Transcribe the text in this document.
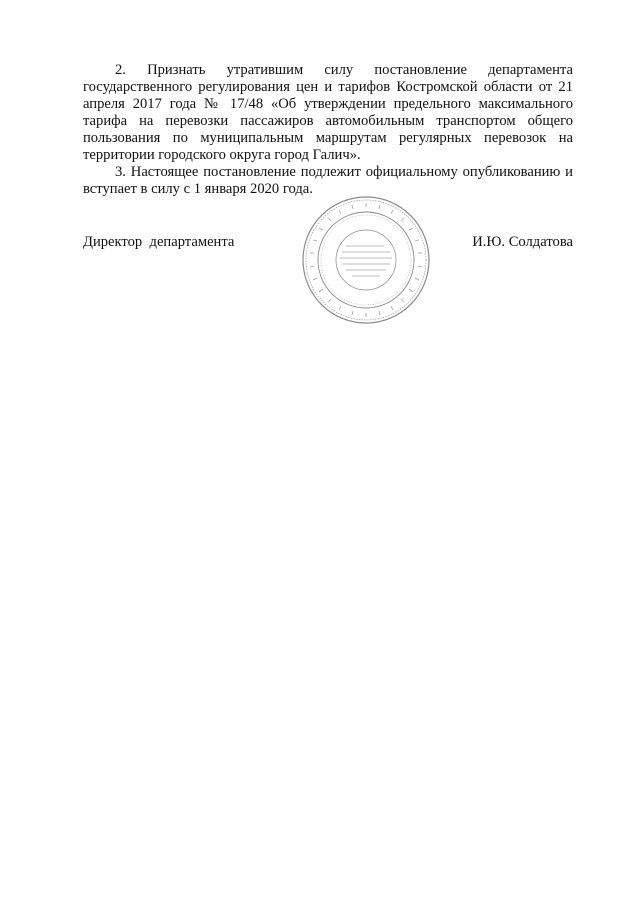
2. Признать утратившим силу постановление департамента государственного регулирования цен и тарифов Костромской области от 21 апреля 2017 года № 17/48 «Об утверждении предельного максимального тарифа на перевозки пассажиров автомобильным транспортом общего пользования по муниципальным маршрутам регулярных перевозок на территории городского округа город Галич».

3. Настоящее постановление подлежит официальному опубликованию и вступает в силу с 1 января 2020 года.

Директор  департамента	И.Ю. Солдатова
